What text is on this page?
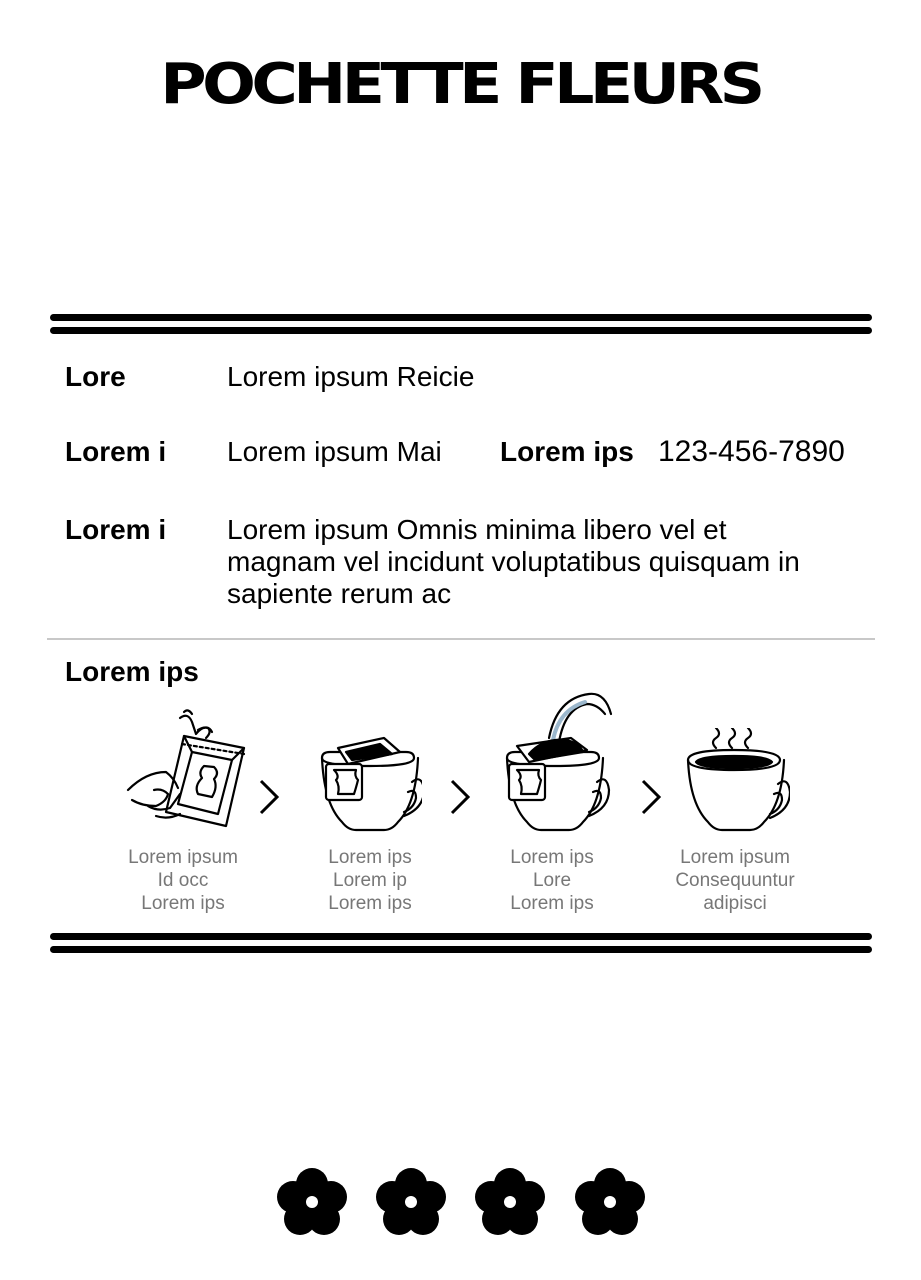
POCHETTE FLEURS
Lore	Lorem ipsum Reicie
Lorem i Lorem ipsum Mai Lorem ips 123-456-7890
Lorem i Lorem ipsum Omnis minima libero vel et
magnam vel incidunt voluptatibus quisquam in
sapiente rerum ac
Lorem ips
Lorem ipsum
Id occ
Lorem ips
Lorem ips
Lorem ip
Lorem ips
Lorem ips
Lore
Lorem ips
Lorem ipsum
Consequuntur
adipisci
